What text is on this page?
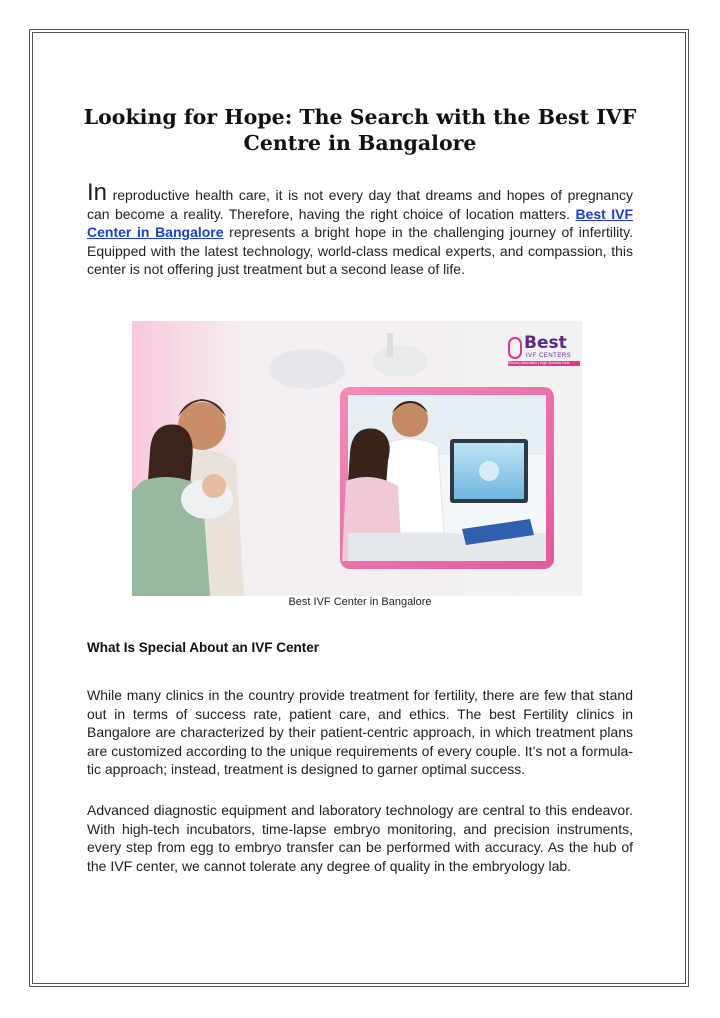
Looking for Hope: The Search with the Best IVF Centre in Bangalore

In reproductive health care, it is not every day that dreams and hopes of pregnancy can become a reality. Therefore, having the right choice of location matters. Best IVF Center in Bangalore represents a bright hope in the challenging journey of infertility. Equipped with the latest technology, world-class medical experts, and compassion, this center is not offering just treatment but a second lease of life.

Best
IVF CENTERS
Ethical | Affordable | High Success Rate
Best IVF Center in Bangalore
What Is Special About an IVF Center

While many clinics in the country provide treatment for fertility, there are few that stand out in terms of success rate, patient care, and ethics. The best Fertility clinics in Bangalore are characterized by their patient-centric approach, in which treatment plans are customized according to the unique requirements of every couple. It’s not a formula-tic approach; instead, treatment is designed to garner optimal success.

Advanced diagnostic equipment and laboratory technology are central to this endeavor. With high-tech incubators, time-lapse embryo monitoring, and precision instruments, every step from egg to embryo transfer can be performed with accuracy. As the hub of the IVF center, we cannot tolerate any degree of quality in the embryology lab.
